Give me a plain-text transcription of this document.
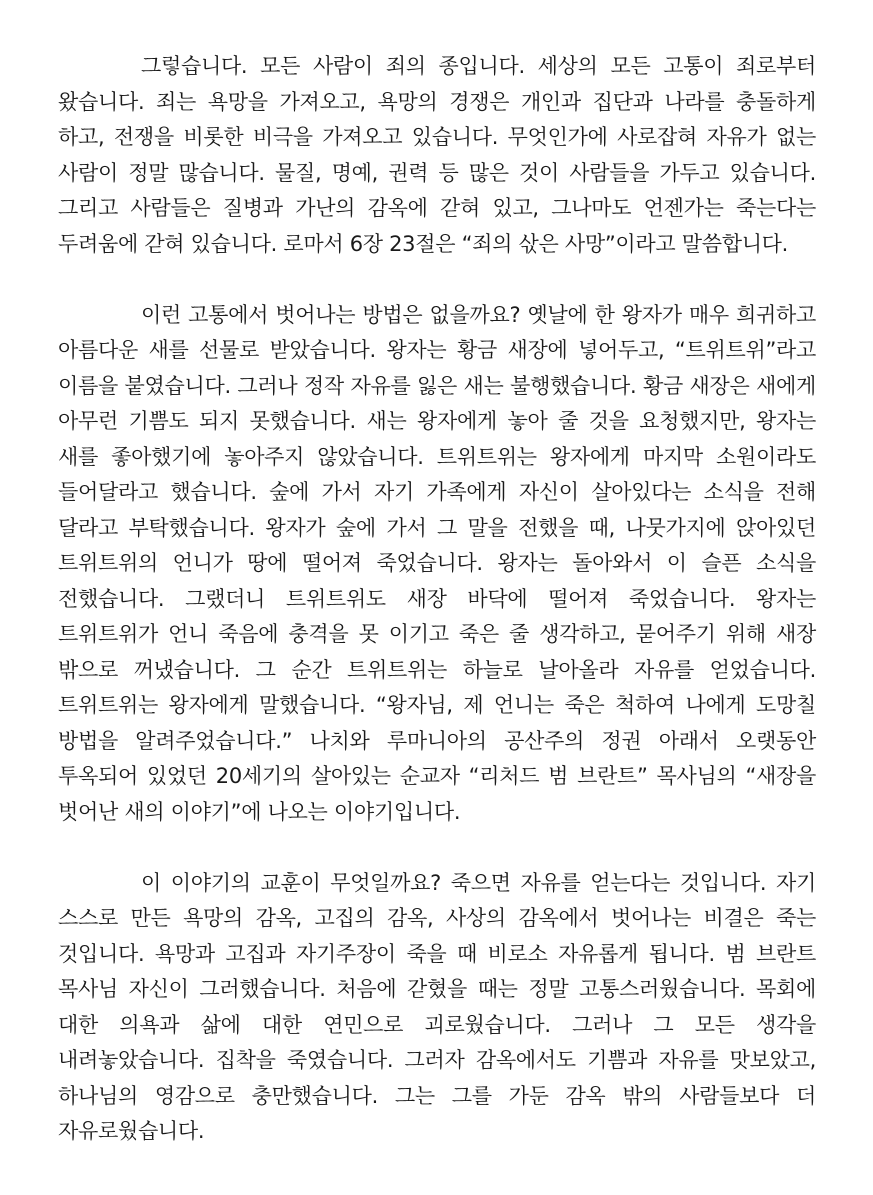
그렇습니다. 모든 사람이 죄의 종입니다. 세상의 모든 고통이 죄로부터 왔습니다. 죄는 욕망을 가져오고, 욕망의 경쟁은 개인과 집단과 나라를 충돌하게 하고, 전쟁을 비롯한 비극을 가져오고 있습니다. 무엇인가에 사로잡혀 자유가 없는 사람이 정말 많습니다. 물질, 명예, 권력 등 많은 것이 사람들을 가두고 있습니다. 그리고 사람들은 질병과 가난의 감옥에 갇혀 있고, 그나마도 언젠가는 죽는다는 두려움에 갇혀 있습니다. 로마서 6장 23절은 “죄의 삯은 사망”이라고 말씀합니다.

이런 고통에서 벗어나는 방법은 없을까요? 옛날에 한 왕자가 매우 희귀하고 아름다운 새를 선물로 받았습니다. 왕자는 황금 새장에 넣어두고, “트위트위”라고 이름을 붙였습니다. 그러나 정작 자유를 잃은 새는 불행했습니다. 황금 새장은 새에게 아무런 기쁨도 되지 못했습니다. 새는 왕자에게 놓아 줄 것을 요청했지만, 왕자는 새를 좋아했기에 놓아주지 않았습니다. 트위트위는 왕자에게 마지막 소원이라도 들어달라고 했습니다. 숲에 가서 자기 가족에게 자신이 살아있다는 소식을 전해 달라고 부탁했습니다. 왕자가 숲에 가서 그 말을 전했을 때, 나뭇가지에 앉아있던 트위트위의 언니가 땅에 떨어져 죽었습니다. 왕자는 돌아와서 이 슬픈 소식을 전했습니다. 그랬더니 트위트위도 새장 바닥에 떨어져 죽었습니다. 왕자는 트위트위가 언니 죽음에 충격을 못 이기고 죽은 줄 생각하고, 묻어주기 위해 새장 밖으로 꺼냈습니다. 그 순간 트위트위는 하늘로 날아올라 자유를 얻었습니다. 트위트위는 왕자에게 말했습니다. “왕자님, 제 언니는 죽은 척하여 나에게 도망칠 방법을 알려주었습니다.” 나치와 루마니아의 공산주의 정권 아래서 오랫동안 투옥되어 있었던 20세기의 살아있는 순교자 “리처드 범 브란트” 목사님의 “새장을 벗어난 새의 이야기”에 나오는 이야기입니다.

이 이야기의 교훈이 무엇일까요? 죽으면 자유를 얻는다는 것입니다. 자기 스스로 만든 욕망의 감옥, 고집의 감옥, 사상의 감옥에서 벗어나는 비결은 죽는 것입니다. 욕망과 고집과 자기주장이 죽을 때 비로소 자유롭게 됩니다. 범 브란트 목사님 자신이 그러했습니다. 처음에 갇혔을 때는 정말 고통스러웠습니다. 목회에 대한 의욕과 삶에 대한 연민으로 괴로웠습니다. 그러나 그 모든 생각을 내려놓았습니다. 집착을 죽였습니다. 그러자 감옥에서도 기쁨과 자유를 맛보았고, 하나님의 영감으로 충만했습니다. 그는 그를 가둔 감옥 밖의 사람들보다 더 자유로웠습니다.
